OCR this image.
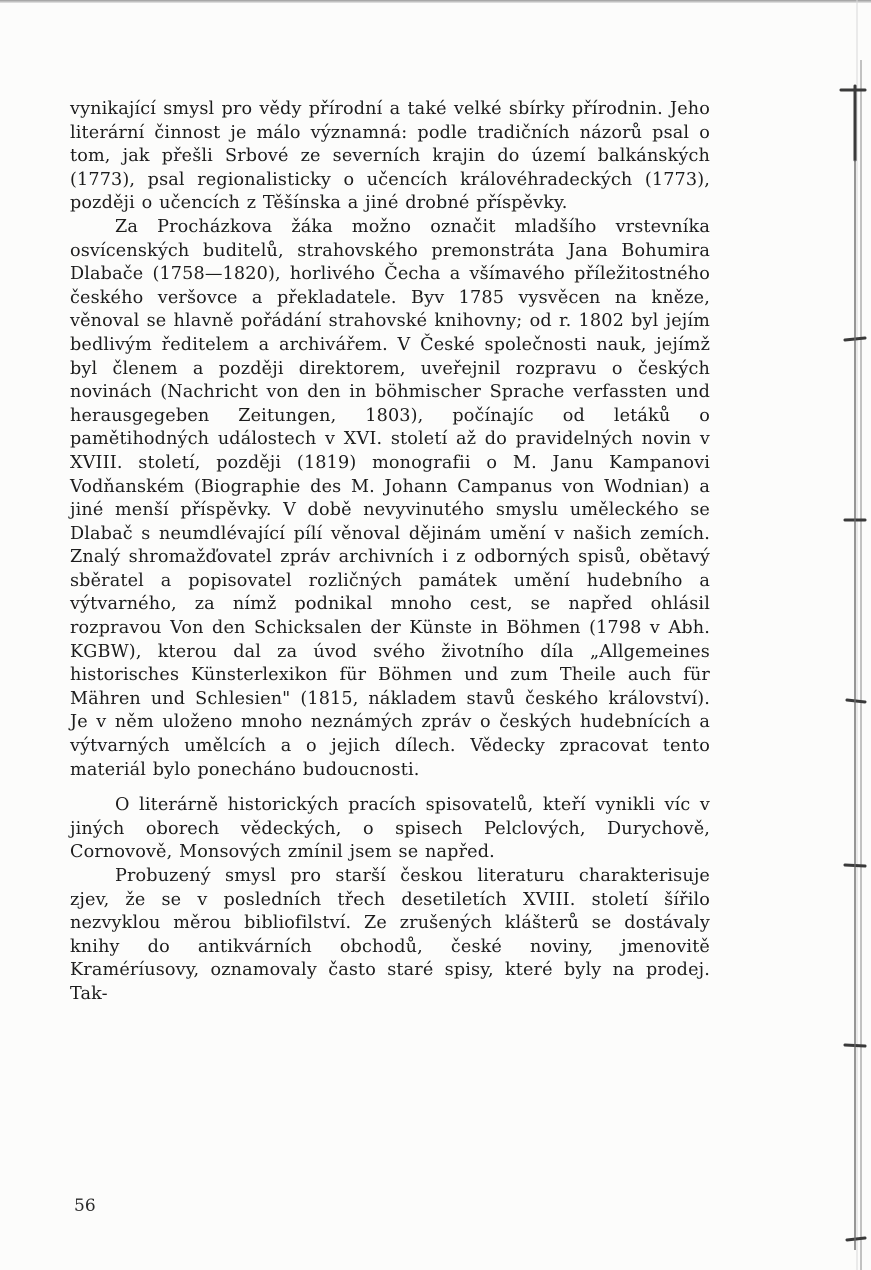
vynikající smysl pro vědy přírodní a také velké sbírky přírodnin. Jeho literární činnost je málo významná: podle tradičních názorů psal o tom, jak přešli Srbové ze severních krajin do území balkánských (1773), psal regionalisticky o učencích královéhradeckých (1773), později o učencích z Těšínska a jiné drobné příspěvky.

Za Procházkova žáka možno označit mladšího vrstevníka osvícenských buditelů, strahovského premonstráta Jana Bohumira Dlabače (1758—1820), horlivého Čecha a všímavého příležitostného českého veršovce a překladatele. Byv 1785 vysvěcen na kněze, věnoval se hlavně pořádání strahovské knihovny; od r. 1802 byl jejím bedlivým ředitelem a archivářem. V České společnosti nauk, jejímž byl členem a později direktorem, uveřejnil rozpravu o českých novinách (Nachricht von den in böhmischer Sprache verfassten und herausgegeben Zeitungen, 1803), počínajíc od letáků o pamětihodných událostech v XVI. století až do pravidelných novin v XVIII. století, později (1819) monografii o M. Janu Kampanovi Vodňanském (Biographie des M. Johann Campanus von Wodnian) a jiné menší příspěvky. V době nevyvinutého smyslu uměleckého se Dlabač s neumdlévající pílí věnoval dějinám umění v našich zemích. Znalý shromažďovatel zpráv archivních i z odborných spisů, obětavý sběratel a popisovatel rozličných památek umění hudebního a výtvarného, za nímž podnikal mnoho cest, se napřed ohlásil rozpravou Von den Schicksalen der Künste in Böhmen (1798 v Abh. KGBW), kterou dal za úvod svého životního díla „Allgemeines historisches Künsterlexikon für Böhmen und zum Theile auch für Mähren und Schlesien" (1815, nákladem stavů českého království). Je v něm uloženo mnoho neznámých zpráv o českých hudebnících a výtvarných umělcích a o jejich dílech. Vědecky zpracovat tento materiál bylo ponecháno budoucnosti.

O literárně historických pracích spisovatelů, kteří vynikli víc v jiných oborech vědeckých, o spisech Pelclových, Durychově, Cornovově, Monsových zmínil jsem se napřed.

Probuzený smysl pro starší českou literaturu charakterisuje zjev, že se v posledních třech desetiletích XVIII. století šířilo nezvyklou měrou bibliofilství. Ze zrušených klášterů se dostávaly knihy do antikvárních obchodů, české noviny, jmenovitě Kraméríusovy, oznamovaly často staré spisy, které byly na prodej. Tak-

56
